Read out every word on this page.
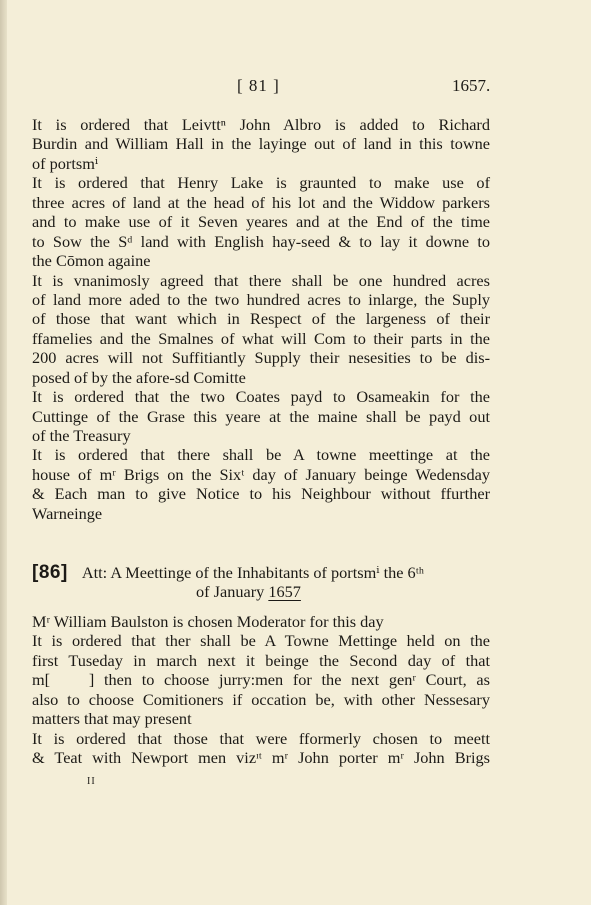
[ 81 ]	1657.
It is ordered that Leivttⁿ John Albro is added to Richard
Burdin and William Hall in the layinge out of land in this towne
of portsmⁱ
It is ordered that Henry Lake is graunted to make use of
three acres of land at the head of his lot and the Widdow parkers
and to make use of it Seven yeares and at the End of the time
to Sow the Sᵈ land with English hay-seed & to lay it downe to
the Cōmon againe
It is vnanimosly agreed that there shall be one hundred acres
of land more aded to the two hundred acres to inlarge, the Suply
of those that want which in Respect of the largeness of their
ffamelies and the Smalnes of what will Com to their parts in the
200 acres will not Suffitiantly Supply their nesesities to be dis-
posed of by the afore-sd Comitte
It is ordered that the two Coates payd to Osameakin for the
Cuttinge of the Grase this yeare at the maine shall be payd out
of the Treasury
It is ordered that there shall be A towne meettinge at the
house of mʳ Brigs on the Sixᵗ day of January beinge Wedensday
& Each man to give Notice to his Neighbour without ffurther
Warneinge
[86] Att: A Meettinge of the Inhabitants of portsmⁱ the 6ᵗʰ
of January 1657
Mʳ William Baulston is chosen Moderator for this day
It is ordered that ther shall be A Towne Mettinge held on the
first Tuseday in march next it beinge the Second day of that
m[    ] then to choose jurry:men for the next genʳ Court, as
also to choose Comitioners if occation be, with other Nessesary
matters that may present
It is ordered that those that were fformerly chosen to meett
& Teat with Newport men vizᶦᵗ mʳ John porter mʳ John Brigs
II
